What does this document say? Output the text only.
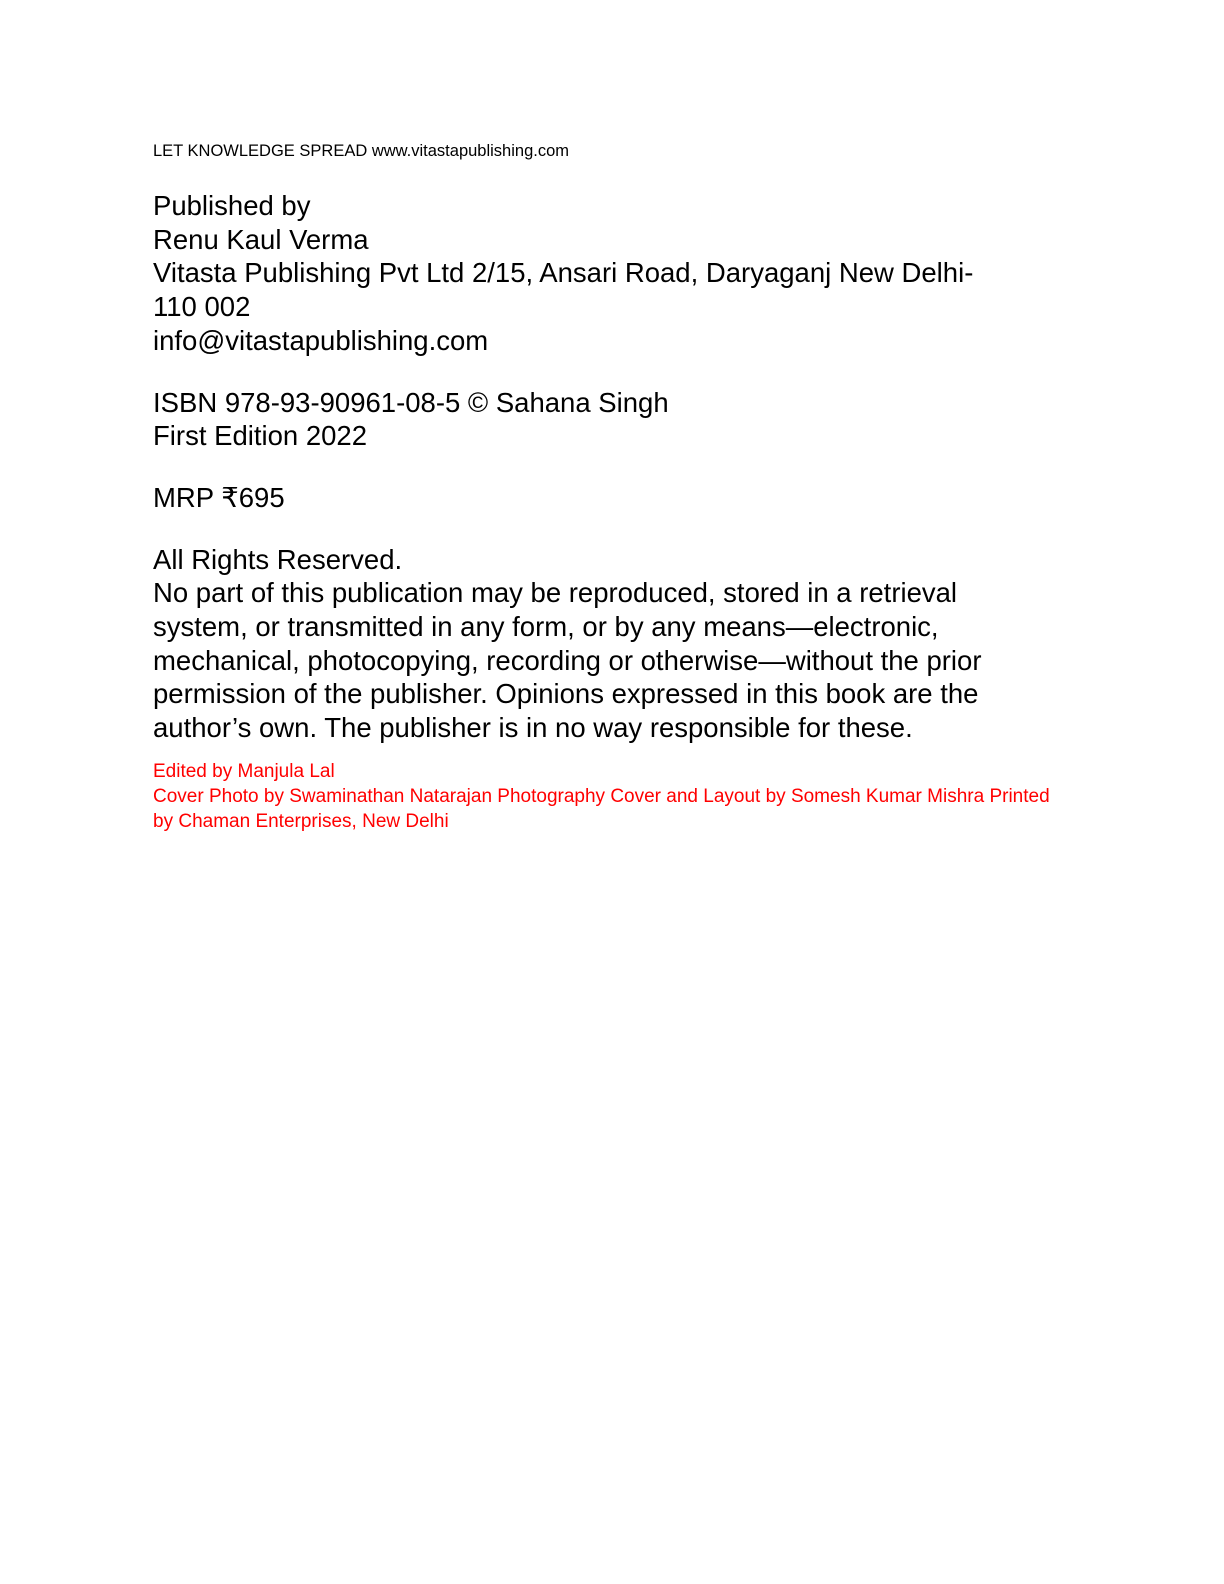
LET KNOWLEDGE SPREAD www.vitastapublishing.com
Published by
Renu Kaul Verma
Vitasta Publishing Pvt Ltd 2/15, Ansari Road, Daryaganj New Delhi-
110 002
info@vitastapublishing.com
ISBN 978-93-90961-08-5 © Sahana Singh
First Edition 2022
MRP ₹695
All Rights Reserved.
No part of this publication may be reproduced, stored in a retrieval system, or transmitted in any form, or by any means—electronic, mechanical, photocopying, recording or otherwise—without the prior permission of the publisher. Opinions expressed in this book are the author’s own. The publisher is in no way responsible for these.
Edited by Manjula Lal
Cover Photo by Swaminathan Natarajan Photography Cover and Layout by Somesh Kumar Mishra Printed by Chaman Enterprises, New Delhi
